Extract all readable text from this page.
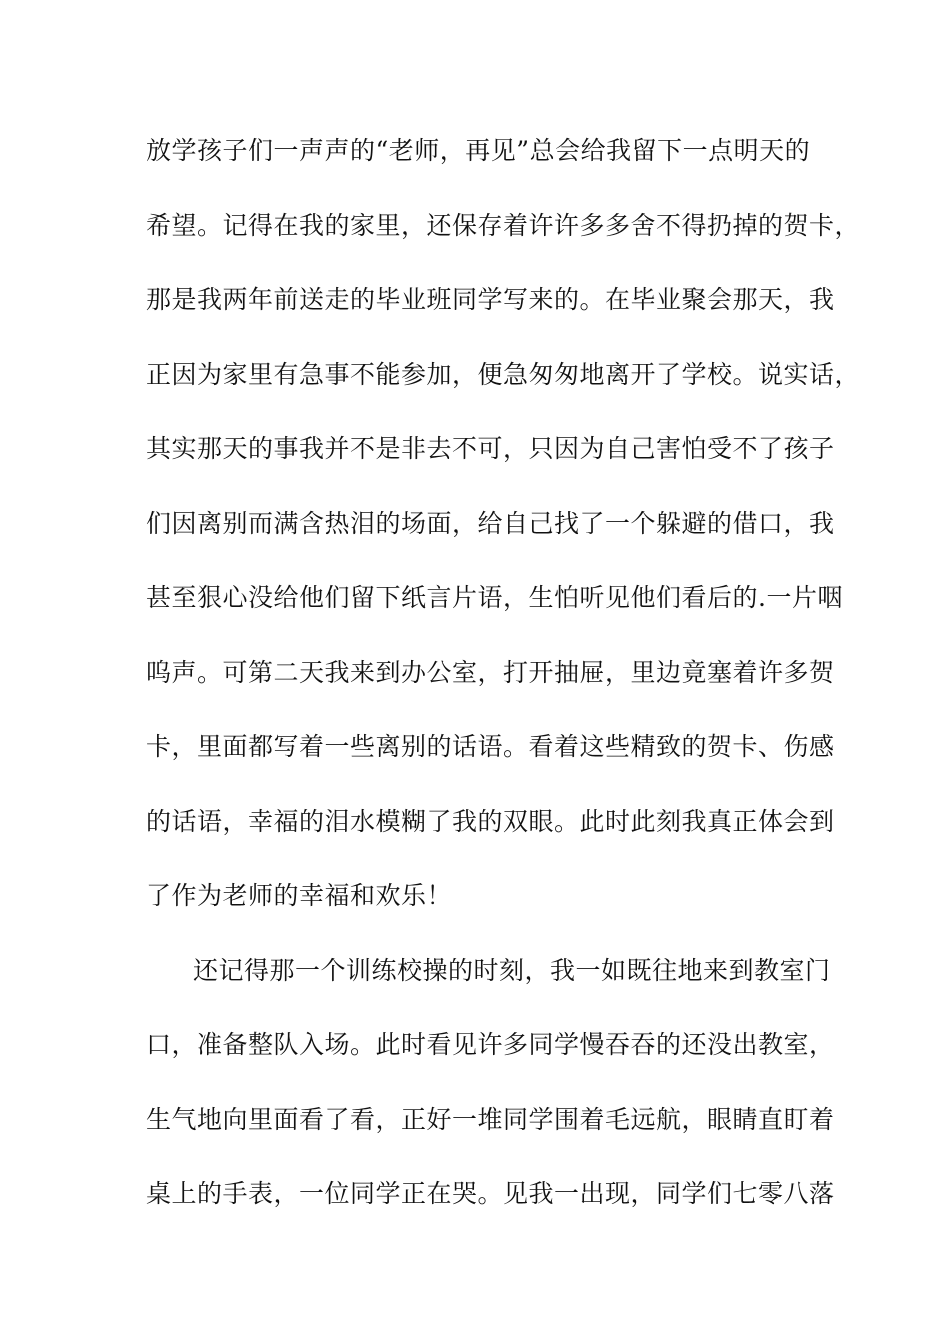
放学孩子们一声声的“老师，再见”总会给我留下一点明天的
希望。记得在我的家里，还保存着许许多多舍不得扔掉的贺卡，
那是我两年前送走的毕业班同学写来的。在毕业聚会那天，我
正因为家里有急事不能参加，便急匆匆地离开了学校。说实话，
其实那天的事我并不是非去不可，只因为自己害怕受不了孩子
们因离别而满含热泪的场面，给自己找了一个躲避的借口，我
甚至狠心没给他们留下纸言片语，生怕听见他们看后的.一片咽
呜声。可第二天我来到办公室，打开抽屉，里边竟塞着许多贺
卡，里面都写着一些离别的话语。看着这些精致的贺卡、伤感
的话语，幸福的泪水模糊了我的双眼。此时此刻我真正体会到
了作为老师的幸福和欢乐！
还记得那一个训练校操的时刻，我一如既往地来到教室门
口，准备整队入场。此时看见许多同学慢吞吞的还没出教室，
生气地向里面看了看，正好一堆同学围着毛远航，眼睛直盯着
桌上的手表，一位同学正在哭。见我一出现，同学们七零八落
